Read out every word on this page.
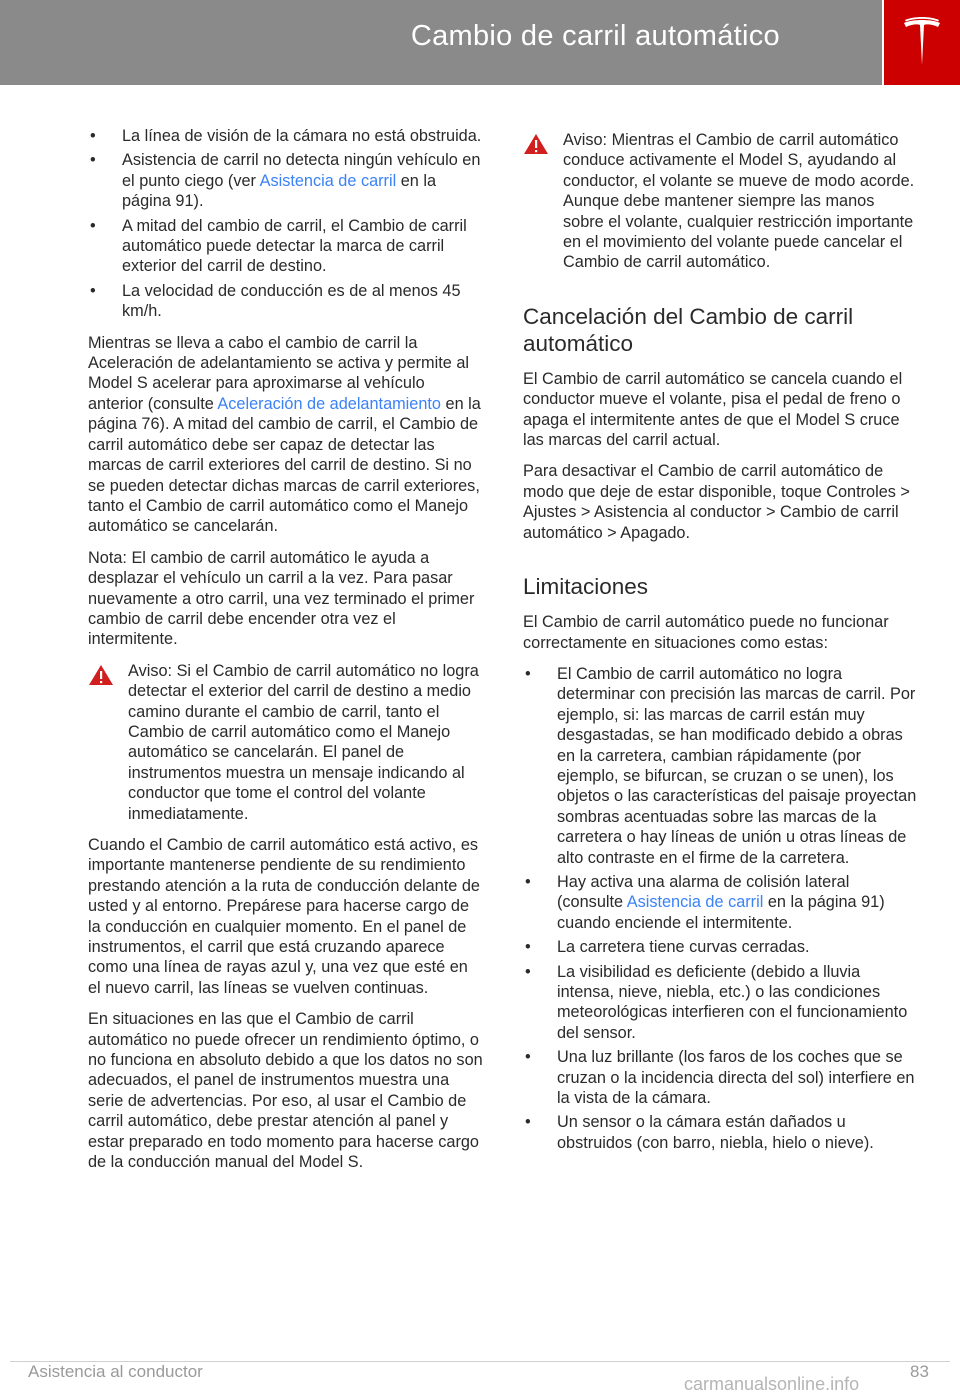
Cambio de carril automático
• La línea de visión de la cámara no está obstruida.
• Asistencia de carril no detecta ningún vehículo en el punto ciego (ver Asistencia de carril en la página 91).
• A mitad del cambio de carril, el Cambio de carril automático puede detectar la marca de carril exterior del carril de destino.
• La velocidad de conducción es de al menos 45 km/h.

Mientras se lleva a cabo el cambio de carril la Aceleración de adelantamiento se activa y permite al Model S acelerar para aproximarse al vehículo anterior (consulte Aceleración de adelantamiento en la página 76). A mitad del cambio de carril, el Cambio de carril automático debe ser capaz de detectar las marcas de carril exteriores del carril de destino. Si no se pueden detectar dichas marcas de carril exteriores, tanto el Cambio de carril automático como el Manejo automático se cancelarán.

Nota: El cambio de carril automático le ayuda a desplazar el vehículo un carril a la vez. Para pasar nuevamente a otro carril, una vez terminado el primer cambio de carril debe encender otra vez el intermitente.

Aviso: Si el Cambio de carril automático no logra detectar el exterior del carril de destino a medio camino durante el cambio de carril, tanto el Cambio de carril automático como el Manejo automático se cancelarán. El panel de instrumentos muestra un mensaje indicando al conductor que tome el control del volante inmediatamente.

Cuando el Cambio de carril automático está activo, es importante mantenerse pendiente de su rendimiento prestando atención a la ruta de conducción delante de usted y al entorno. Prepárese para hacerse cargo de la conducción en cualquier momento. En el panel de instrumentos, el carril que está cruzando aparece como una línea de rayas azul y, una vez que esté en el nuevo carril, las líneas se vuelven continuas.

En situaciones en las que el Cambio de carril automático no puede ofrecer un rendimiento óptimo, o no funciona en absoluto debido a que los datos no son adecuados, el panel de instrumentos muestra una serie de advertencias. Por eso, al usar el Cambio de carril automático, debe prestar atención al panel y estar preparado en todo momento para hacerse cargo de la conducción manual del Model S.

Aviso: Mientras el Cambio de carril automático conduce activamente el Model S, ayudando al conductor, el volante se mueve de modo acorde. Aunque debe mantener siempre las manos sobre el volante, cualquier restricción importante en el movimiento del volante puede cancelar el Cambio de carril automático.
Cancelación del Cambio de carril automático

El Cambio de carril automático se cancela cuando el conductor mueve el volante, pisa el pedal de freno o apaga el intermitente antes de que el Model S cruce las marcas del carril actual.

Para desactivar el Cambio de carril automático de modo que deje de estar disponible, toque Controles > Ajustes > Asistencia al conductor > Cambio de carril automático > Apagado.

Limitaciones

El Cambio de carril automático puede no funcionar correctamente en situaciones como estas:

• El Cambio de carril automático no logra determinar con precisión las marcas de carril. Por ejemplo, si: las marcas de carril están muy desgastadas, se han modificado debido a obras en la carretera, cambian rápidamente (por ejemplo, se bifurcan, se cruzan o se unen), los objetos o las características del paisaje proyectan sombras acentuadas sobre las marcas de la carretera o hay líneas de unión u otras líneas de alto contraste en el firme de la carretera.
• Hay activa una alarma de colisión lateral (consulte Asistencia de carril en la página 91) cuando enciende el intermitente.
• La carretera tiene curvas cerradas.
• La visibilidad es deficiente (debido a lluvia intensa, nieve, niebla, etc.) o las condiciones meteorológicas interfieren con el funcionamiento del sensor.
• Una luz brillante (los faros de los coches que se cruzan o la incidencia directa del sol) interfiere en la vista de la cámara.
• Un sensor o la cámara están dañados u obstruidos (con barro, niebla, hielo o nieve).
Asistencia al conductor	83
carmanualsonline.info
